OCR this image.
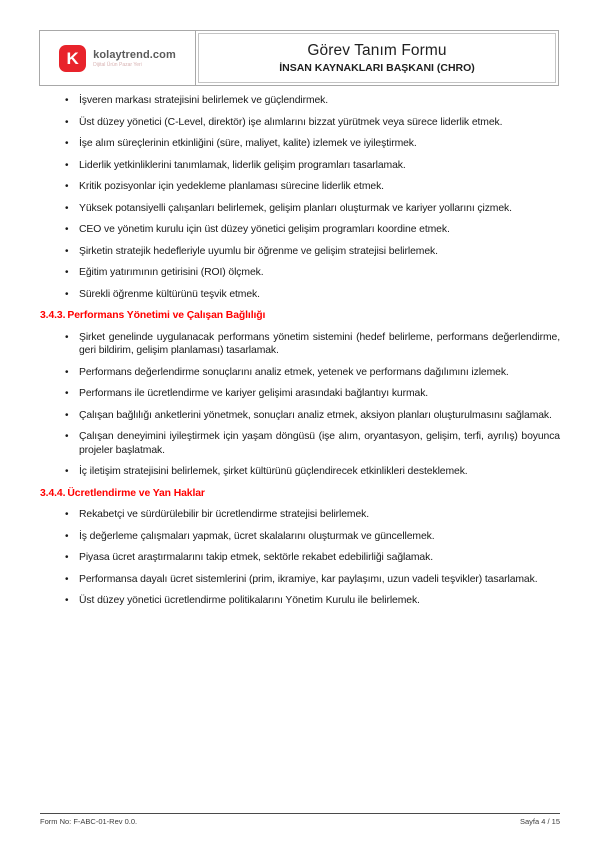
K	kolaytrend.com
Dijital Ürün Pazar Yeri
Görev Tanım Formu
İNSAN KAYNAKLARI BAŞKANI (CHRO)
•	İşveren markası stratejisini belirlemek ve güçlendirmek.
•	Üst düzey yönetici (C-Level, direktör) işe alımlarını bizzat yürütmek veya sürece liderlik etmek.
•	İşe alım süreçlerinin etkinliğini (süre, maliyet, kalite) izlemek ve iyileştirmek.
•	Liderlik yetkinliklerini tanımlamak, liderlik gelişim programları tasarlamak.
•	Kritik pozisyonlar için yedekleme planlaması sürecine liderlik etmek.
•	Yüksek potansiyelli çalışanları belirlemek, gelişim planları oluşturmak ve kariyer yollarını çizmek.
•	CEO ve yönetim kurulu için üst düzey yönetici gelişim programları koordine etmek.
•	Şirketin stratejik hedefleriyle uyumlu bir öğrenme ve gelişim stratejisi belirlemek.
•	Eğitim yatırımının getirisini (ROI) ölçmek.
•	Sürekli öğrenme kültürünü teşvik etmek.
3.4.3. Performans Yönetimi ve Çalışan Bağlılığı
•	Şirket genelinde uygulanacak performans yönetim sistemini (hedef belirleme, performans değerlendirme, geri bildirim, gelişim planlaması) tasarlamak.
•	Performans değerlendirme sonuçlarını analiz etmek, yetenek ve performans dağılımını izlemek.
•	Performans ile ücretlendirme ve kariyer gelişimi arasındaki bağlantıyı kurmak.
•	Çalışan bağlılığı anketlerini yönetmek, sonuçları analiz etmek, aksiyon planları oluşturulmasını sağlamak.
•	Çalışan deneyimini iyileştirmek için yaşam döngüsü (işe alım, oryantasyon, gelişim, terfi, ayrılış) boyunca projeler başlatmak.
•	İç iletişim stratejisini belirlemek, şirket kültürünü güçlendirecek etkinlikleri desteklemek.
3.4.4. Ücretlendirme ve Yan Haklar
•	Rekabetçi ve sürdürülebilir bir ücretlendirme stratejisi belirlemek.
•	İş değerleme çalışmaları yapmak, ücret skalalarını oluşturmak ve güncellemek.
•	Piyasa ücret araştırmalarını takip etmek, sektörle rekabet edebilirliği sağlamak.
•	Performansa dayalı ücret sistemlerini (prim, ikramiye, kar paylaşımı, uzun vadeli teşvikler) tasarlamak.
•	Üst düzey yönetici ücretlendirme politikalarını Yönetim Kurulu ile belirlemek.
Form No: F-ABC-01-Rev 0.0.	Sayfa 4 / 15
